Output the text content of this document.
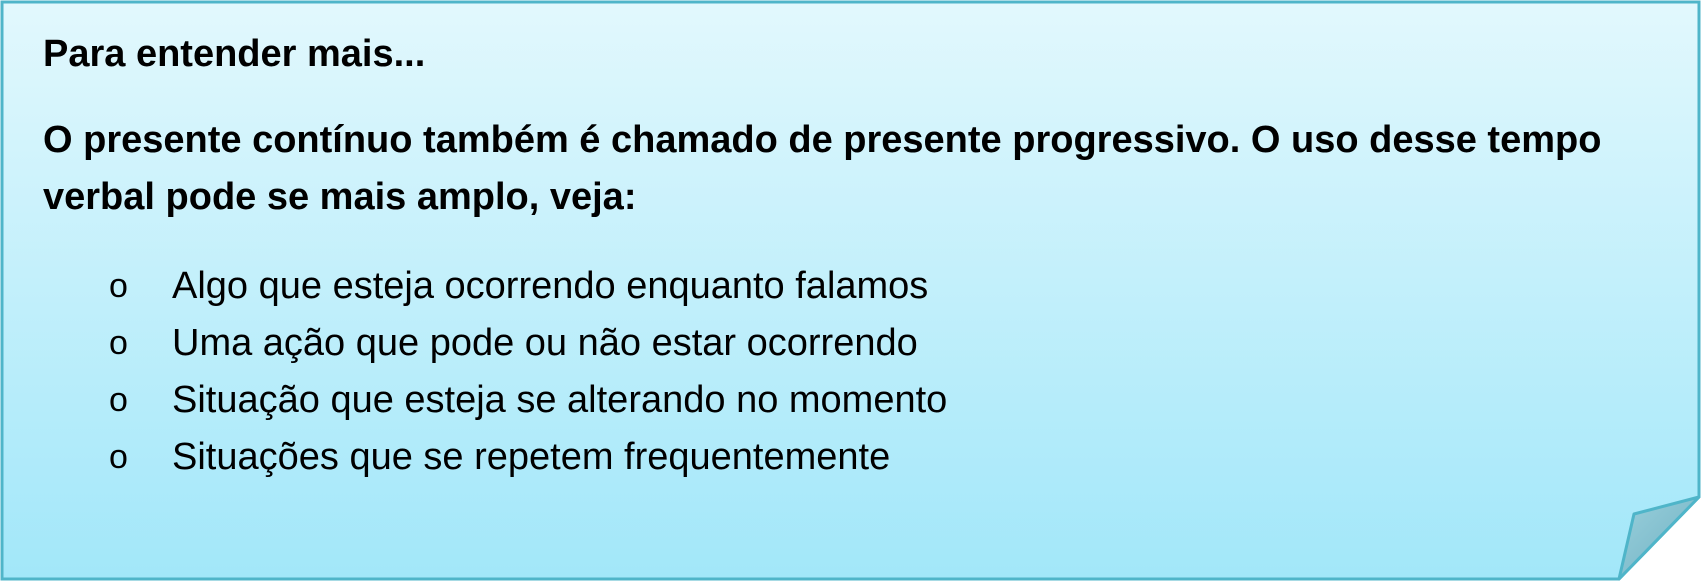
Para entender mais...

O presente contínuo também é chamado de presente progressivo. O uso desse tempo verbal pode se mais amplo, veja:

o Algo que esteja ocorrendo enquanto falamos
o Uma ação que pode ou não estar ocorrendo
o Situação que esteja se alterando no momento
o Situações que se repetem frequentemente
